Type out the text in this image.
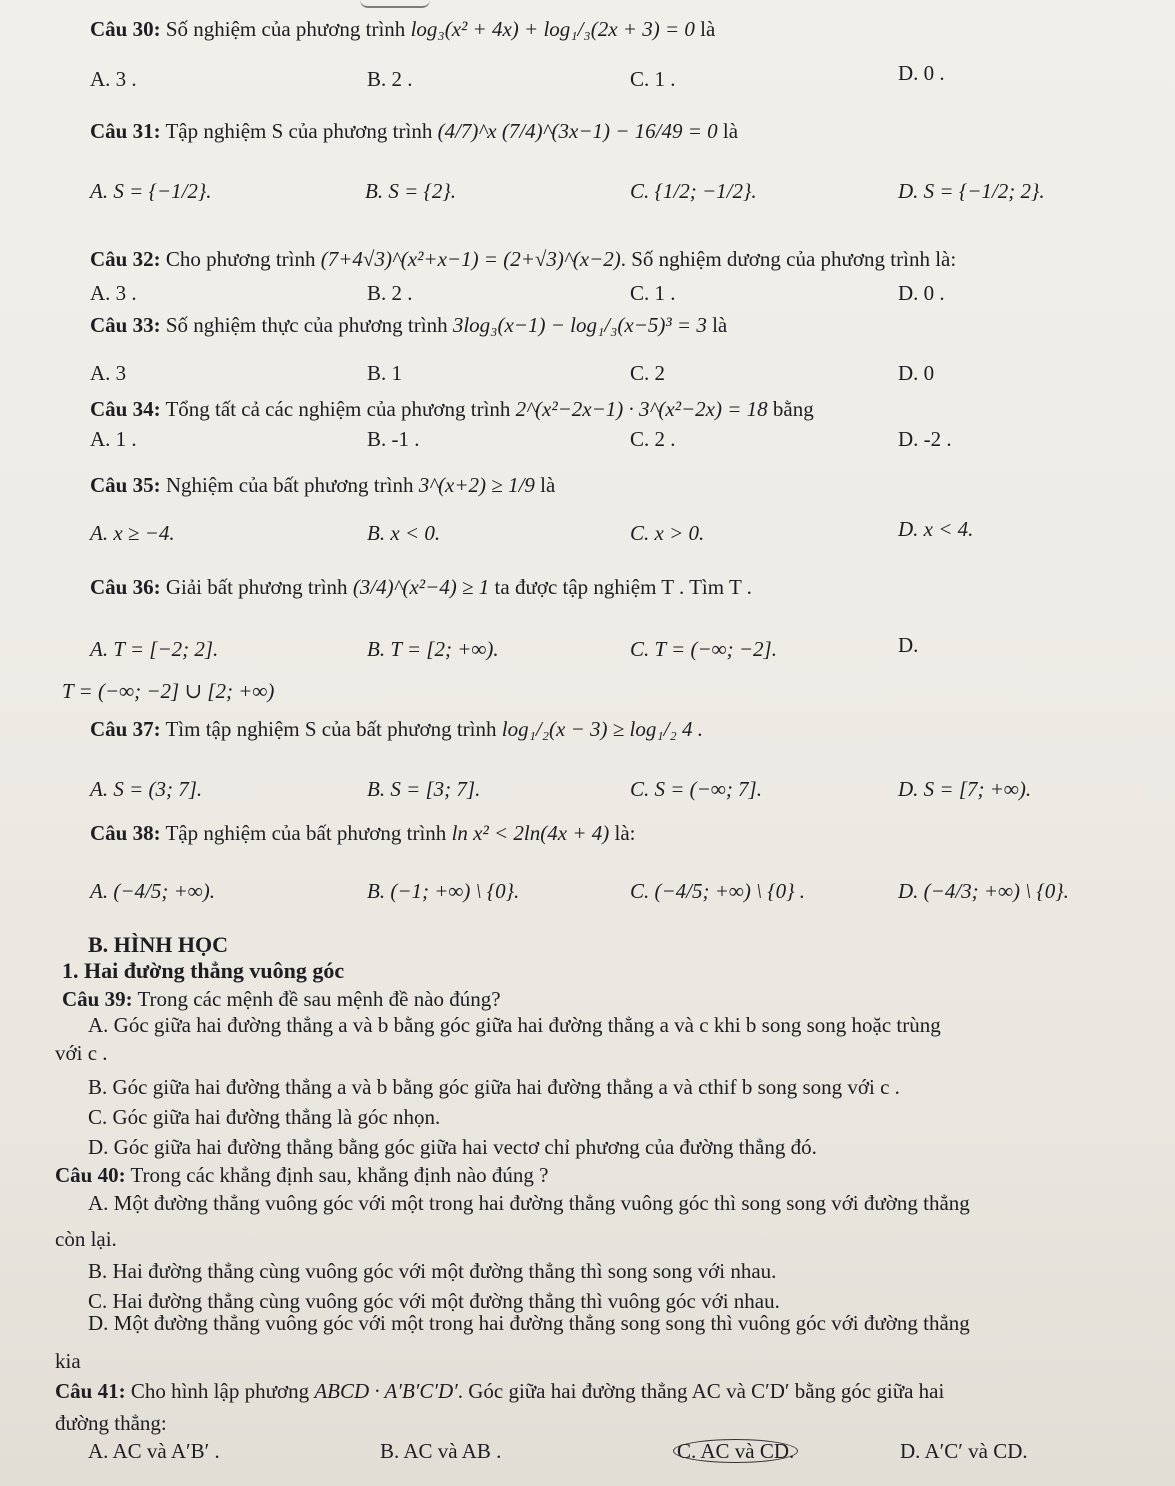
Câu 30: Số nghiệm của phương trình log₃(x² + 4x) + log₁/₃(2x + 3) = 0 là
A. 3 .	B. 2 .	C. 1 .	D. 0 .
Câu 31: Tập nghiệm S của phương trình (4/7)^x (7/4)^(3x−1) − 16/49 = 0 là
A. S = {−1/2}.	B. S = {2}.	C. {1/2; −1/2}.	D. S = {−1/2; 2}.
Câu 32: Cho phương trình (7+4√3)^(x²+x−1) = (2+√3)^(x−2). Số nghiệm dương của phương trình là:
A. 3 .	B. 2 .	C. 1 .	D. 0 .
Câu 33: Số nghiệm thực của phương trình 3log₃(x−1) − log₁/₃(x−5)³ = 3 là
A. 3	B. 1	C. 2	D. 0
Câu 34: Tổng tất cả các nghiệm của phương trình 2^(x²−2x−1) · 3^(x²−2x) = 18 bằng
A. 1 .	B. -1 .	C. 2 .	D. -2 .
Câu 35: Nghiệm của bất phương trình 3^(x+2) ≥ 1/9 là
A. x ≥ −4.	B. x < 0.	C. x > 0.	D. x < 4.
Câu 36: Giải bất phương trình (3/4)^(x²−4) ≥ 1 ta được tập nghiệm T . Tìm T .
A. T = [−2; 2].	B. T = [2; +∞).	C. T = (−∞; −2].	D.
T = (−∞; −2] ∪ [2; +∞)
Câu 37: Tìm tập nghiệm S của bất phương trình log₁/₂(x − 3) ≥ log₁/₂ 4 .
A. S = (3; 7].	B. S = [3; 7].	C. S = (−∞; 7].	D. S = [7; +∞).
Câu 38: Tập nghiệm của bất phương trình ln x² < 2ln(4x + 4) là:
A. (−4/5; +∞).	B. (−1; +∞) \ {0}.	C. (−4/5; +∞) \ {0} .	D. (−4/3; +∞) \ {0}.
B. HÌNH HỌC
1. Hai đường thẳng vuông góc
Câu 39: Trong các mệnh đề sau mệnh đề nào đúng?
A. Góc giữa hai đường thẳng a và b bằng góc giữa hai đường thẳng a và c khi b song song hoặc trùng
với c .
B. Góc giữa hai đường thẳng a và b bằng góc giữa hai đường thẳng a và cthif b song song với c .
C. Góc giữa hai đường thẳng là góc nhọn.
D. Góc giữa hai đường thẳng bằng góc giữa hai vectơ chỉ phương của đường thẳng đó.
Câu 40: Trong các khẳng định sau, khẳng định nào đúng ?
A. Một đường thẳng vuông góc với một trong hai đường thẳng vuông góc thì song song với đường thẳng
còn lại.
B. Hai đường thẳng cùng vuông góc với một đường thẳng thì song song với nhau.
C. Hai đường thẳng cùng vuông góc với một đường thẳng thì vuông góc với nhau.
D. Một đường thẳng vuông góc với một trong hai đường thẳng song song thì vuông góc với đường thẳng
kia
Câu 41: Cho hình lập phương ABCD · A′B′C′D′. Góc giữa hai đường thẳng AC và C′D′ bằng góc giữa hai
đường thẳng:
A. AC và A′B′ .	B. AC và AB .	C. AC và CD.	D. A′C′ và CD.
